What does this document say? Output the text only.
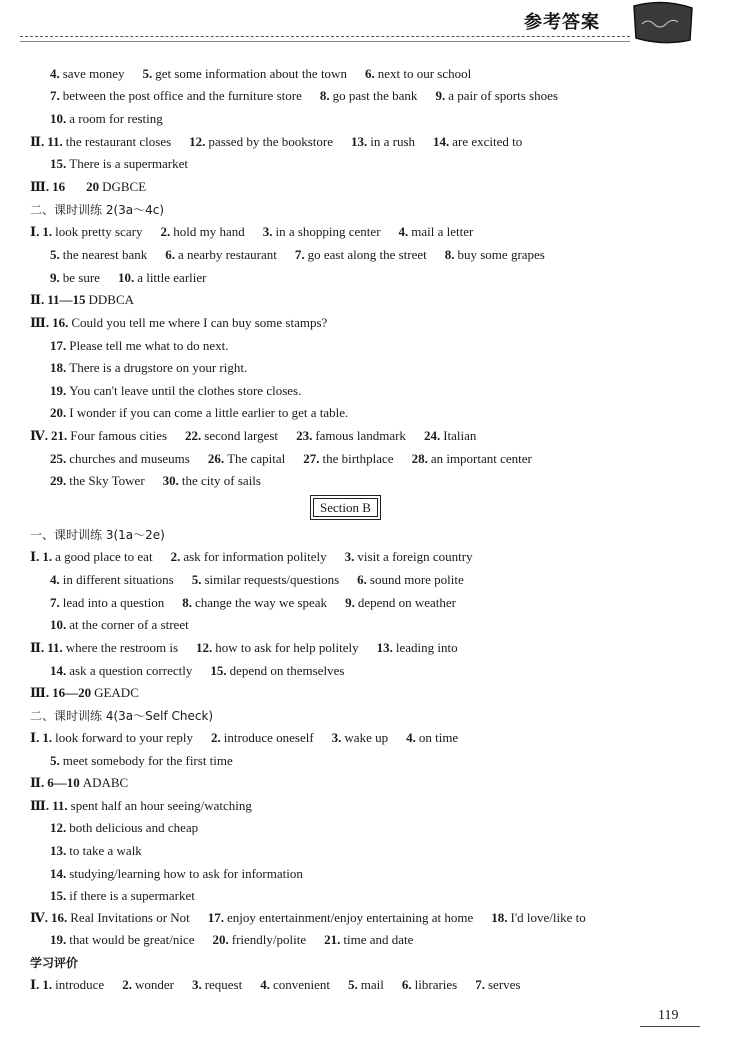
参考答案
4. save money 5. get some information about the town 6. next to our school
7. between the post office and the furniture store 8. go past the bank 9. a pair of sports shoes
10. a room for resting
Ⅱ. 11. the restaurant closes 12. passed by the bookstore 13. in a rush 14. are excited to
15. There is a supermarket
Ⅲ. 16 20 DGBCE
二、课时训练 2(3a～4c)
Ⅰ. 1. look pretty scary 2. hold my hand 3. in a shopping center 4. mail a letter
5. the nearest bank 6. a nearby restaurant 7. go east along the street 8. buy some grapes
9. be sure 10. a little earlier
Ⅱ. 11—15 DDBCA
Ⅲ. 16. Could you tell me where I can buy some stamps?
17. Please tell me what to do next.
18. There is a drugstore on your right.
19. You can't leave until the clothes store closes.
20. I wonder if you can come a little earlier to get a table.
Ⅳ. 21. Four famous cities 22. second largest 23. famous landmark 24. Italian
25. churches and museums 26. The capital 27. the birthplace 28. an important center
29. the Sky Tower 30. the city of sails
一、课时训练 3(1a～2e)
Ⅰ. 1. a good place to eat 2. ask for information politely 3. visit a foreign country
4. in different situations 5. similar requests/questions 6. sound more polite
7. lead into a question 8. change the way we speak 9. depend on weather
10. at the corner of a street
Ⅱ. 11. where the restroom is 12. how to ask for help politely 13. leading into
14. ask a question correctly 15. depend on themselves
Ⅲ. 16—20 GEADC
二、课时训练 4(3a～Self Check)
Ⅰ. 1. look forward to your reply 2. introduce oneself 3. wake up 4. on time
5. meet somebody for the first time
Ⅱ. 6—10 ADABC
Ⅲ. 11. spent half an hour seeing/watching
12. both delicious and cheap
13. to take a walk
14. studying/learning how to ask for information
15. if there is a supermarket
Ⅳ. 16. Real Invitations or Not 17. enjoy entertainment/enjoy entertaining at home 18. I'd love/like to
19. that would be great/nice 20. friendly/polite 21. time and date
学习评价
Ⅰ. 1. introduce 2. wonder 3. request 4. convenient 5. mail 6. libraries 7. serves
Section B
119
